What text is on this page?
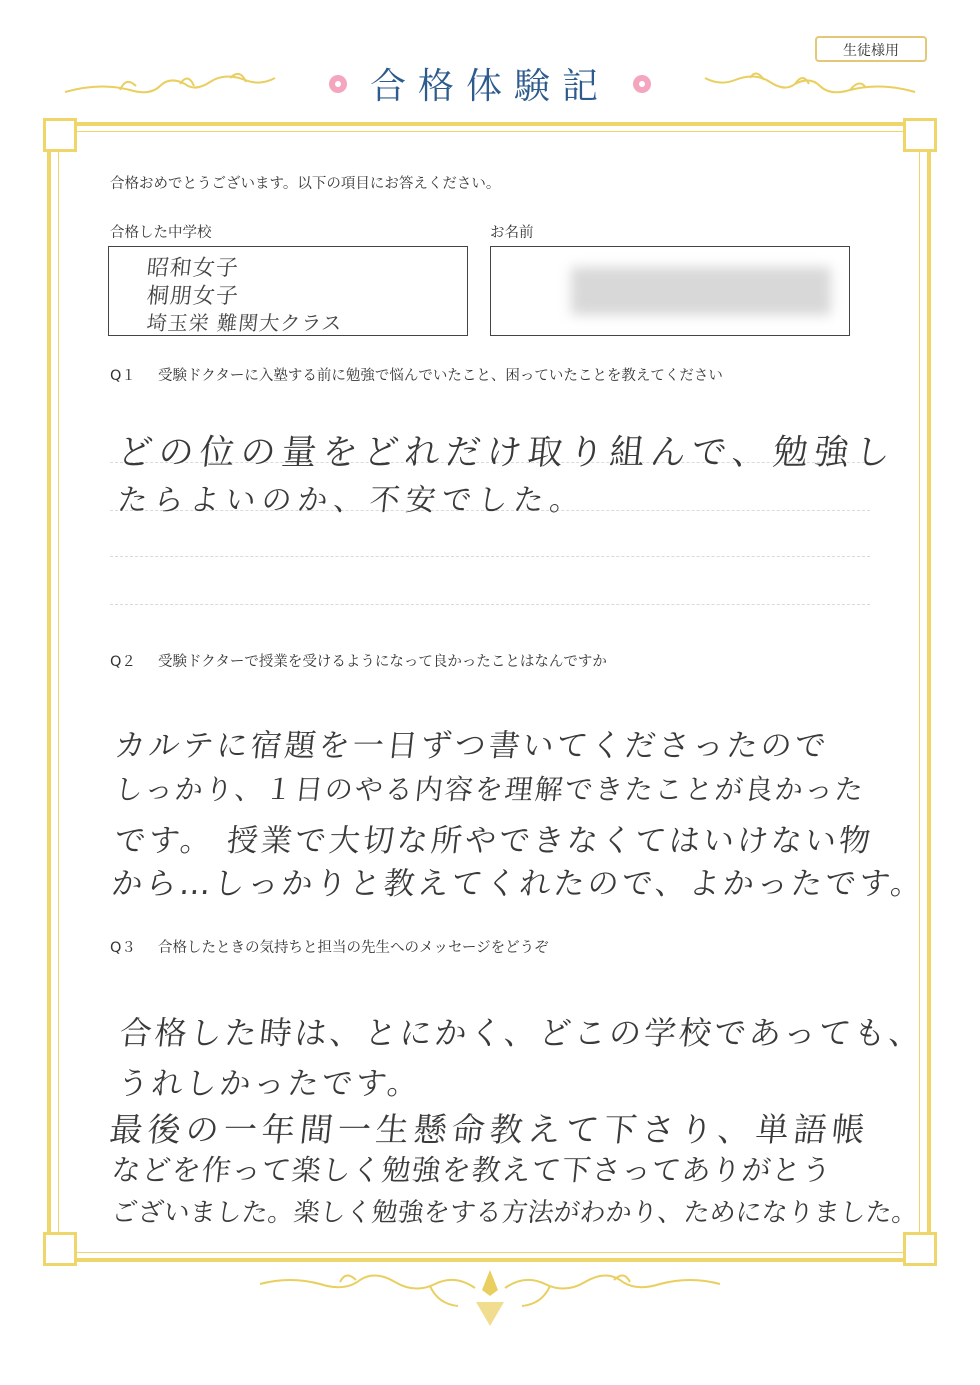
生徒様用
合格体験記
合格おめでとうございます。以下の項目にお答えください。
合格した中学校
昭和女子
桐朋女子
埼玉栄 難関大クラス
お名前
Q１ 受験ドクターに入塾する前に勉強で悩んでいたこと、困っていたことを教えてください
どの位の量をどれだけ取り組んで、勉強し
たらよいのか、不安でした。
Q２ 受験ドクターで授業を受けるようになって良かったことはなんですか
カルテに宿題を一日ずつ書いてくださったので
しっかり、１日のやる内容を理解できたことが良かった
です。 授業で大切な所やできなくてはいけない物
から…しっかりと教えてくれたので、よかったです。
Q３ 合格したときの気持ちと担当の先生へのメッセージをどうぞ
合格した時は、とにかく、どこの学校であっても、
うれしかったです。
最後の一年間一生懸命教えて下さり、単語帳
などを作って楽しく勉強を教えて下さってありがとう
ございました。楽しく勉強をする方法がわかり、ためになりました。
